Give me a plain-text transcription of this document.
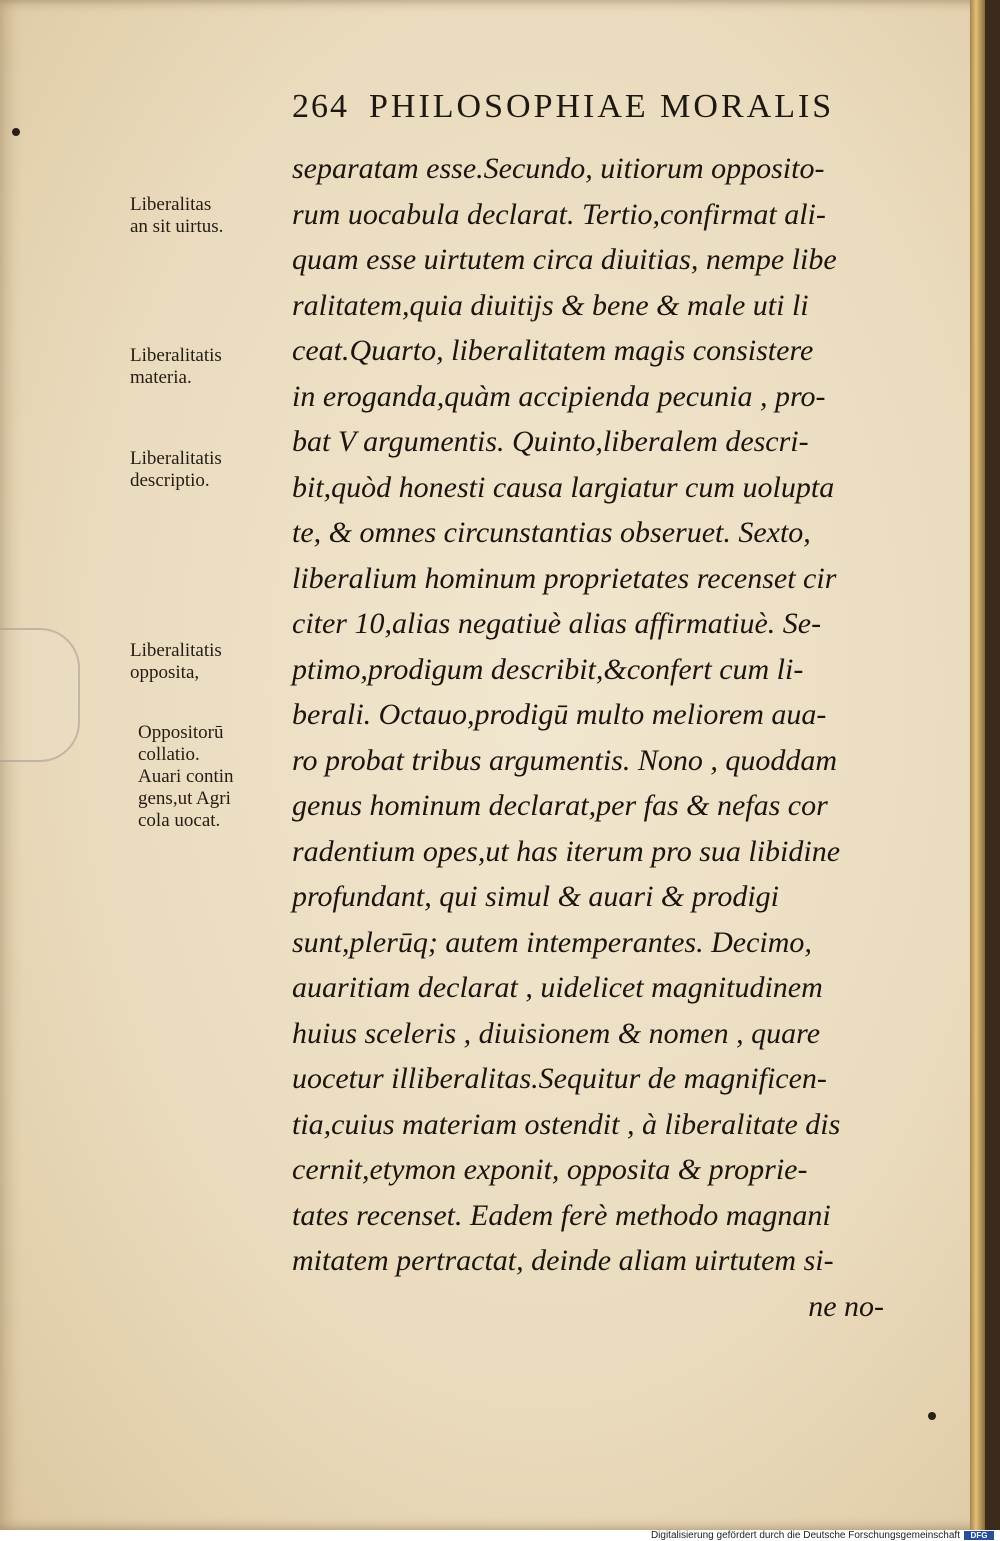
264 PHILOSOPHIAE MORALIS
Liberalitas
an sit uirtus.
Liberalitatis
materia.
Liberalitatis
descriptio.
Liberalitatis
opposita,
Oppositorū
collatio.
Auari contin
gens,ut Agri
cola uocat.
separatam esse.Secundo, uitiorum opposito-
rum uocabula declarat. Tertio,confirmat ali-
quam esse uirtutem circa diuitias, nempe libe
ralitatem,quia diuitijs & bene & male uti li
ceat.Quarto, liberalitatem magis consistere
in eroganda,quàm accipienda pecunia , pro-
bat V argumentis. Quinto,liberalem descri-
bit,quòd honesti causa largiatur cum uolupta
te, & omnes circunstantias obseruet. Sexto,
liberalium hominum proprietates recenset cir
citer 10,alias negatiuè alias affirmatiuè. Se-
ptimo,prodigum describit,&confert cum li-
berali. Octauo,prodigū multo meliorem aua-
ro probat tribus argumentis. Nono , quoddam
genus hominum declarat,per fas & nefas cor
radentium opes,ut has iterum pro sua libidine
profundant, qui simul & auari & prodigi
sunt,plerūq; autem intemperantes. Decimo,
auaritiam declarat , uidelicet magnitudinem
huius sceleris , diuisionem & nomen , quare
uocetur illiberalitas.Sequitur de magnificen-
tia,cuius materiam ostendit , à liberalitate dis
cernit,etymon exponit, opposita & proprie-
tates recenset. Eadem ferè methodo magnani
mitatem pertractat, deinde aliam uirtutem si-
ne no-
Digitalisierung gefördert durch die Deutsche Forschungsgemeinschaft	DFG
